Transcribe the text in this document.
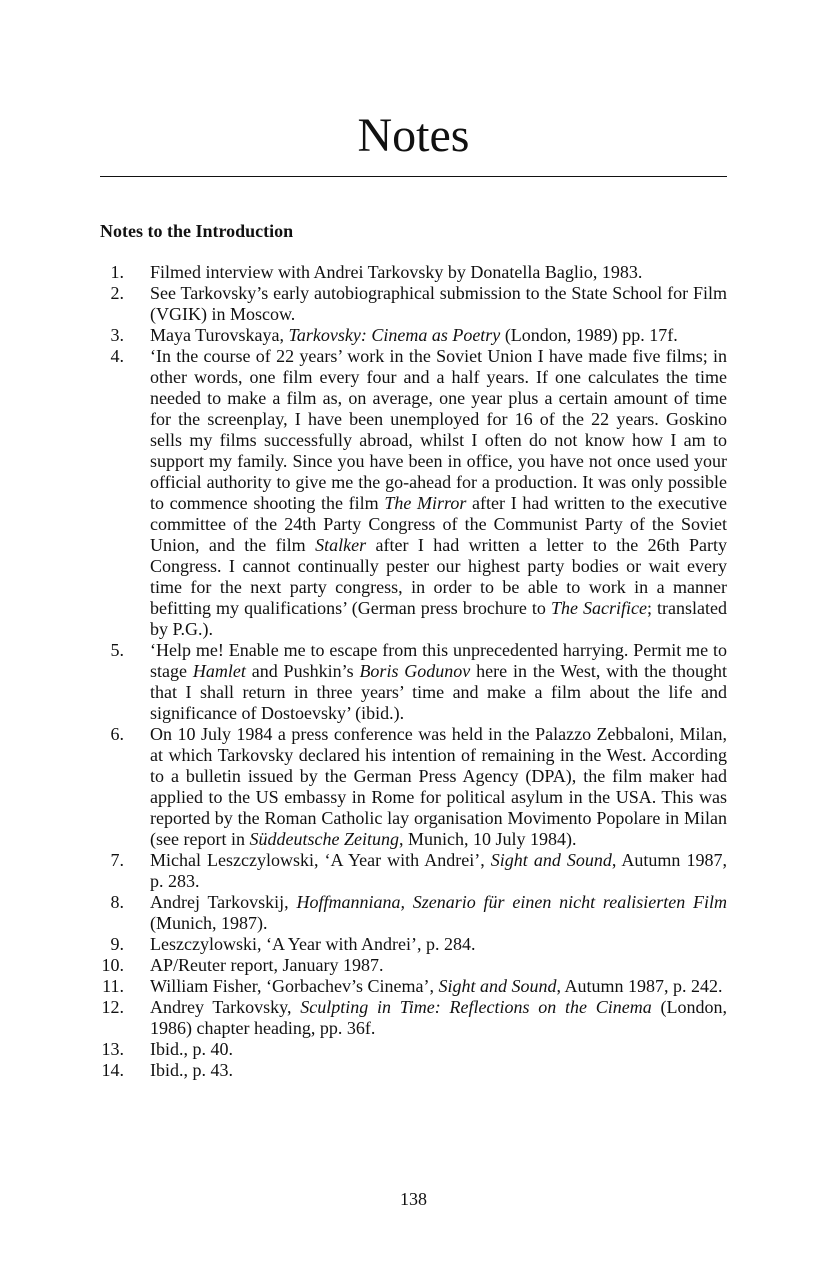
Notes
Notes to the Introduction
1. Filmed interview with Andrei Tarkovsky by Donatella Baglio, 1983.
2. See Tarkovsky’s early autobiographical submission to the State School for Film (VGIK) in Moscow.
3. Maya Turovskaya, Tarkovsky: Cinema as Poetry (London, 1989) pp. 17f.
4. ‘In the course of 22 years’ work in the Soviet Union I have made five films; in other words, one film every four and a half years. If one calculates the time needed to make a film as, on average, one year plus a certain amount of time for the screenplay, I have been unemployed for 16 of the 22 years. Goskino sells my films successfully abroad, whilst I often do not know how I am to support my family. Since you have been in office, you have not once used your official authority to give me the go-ahead for a production. It was only possible to commence shooting the film The Mirror after I had written to the executive committee of the 24th Party Congress of the Communist Party of the Soviet Union, and the film Stalker after I had written a letter to the 26th Party Congress. I cannot continually pester our highest party bodies or wait every time for the next party congress, in order to be able to work in a manner befitting my qualifications’ (German press brochure to The Sacrifice; translated by P.G.).
5. ‘Help me! Enable me to escape from this unprecedented harrying. Permit me to stage Hamlet and Pushkin’s Boris Godunov here in the West, with the thought that I shall return in three years’ time and make a film about the life and significance of Dostoevsky’ (ibid.).
6. On 10 July 1984 a press conference was held in the Palazzo Zebbaloni, Milan, at which Tarkovsky declared his intention of remaining in the West. According to a bulletin issued by the German Press Agency (DPA), the film maker had applied to the US embassy in Rome for political asylum in the USA. This was reported by the Roman Catholic lay organisation Movimento Popolare in Milan (see report in Süddeutsche Zeitung, Munich, 10 July 1984).
7. Michal Leszczylowski, ‘A Year with Andrei’, Sight and Sound, Autumn 1987, p. 283.
8. Andrej Tarkovskij, Hoffmanniana, Szenario für einen nicht realisierten Film (Munich, 1987).
9. Leszczylowski, ‘A Year with Andrei’, p. 284.
10. AP/Reuter report, January 1987.
11. William Fisher, ‘Gorbachev’s Cinema’, Sight and Sound, Autumn 1987, p. 242.
12. Andrey Tarkovsky, Sculpting in Time: Reflections on the Cinema (London, 1986) chapter heading, pp. 36f.
13. Ibid., p. 40.
14. Ibid., p. 43.
138
